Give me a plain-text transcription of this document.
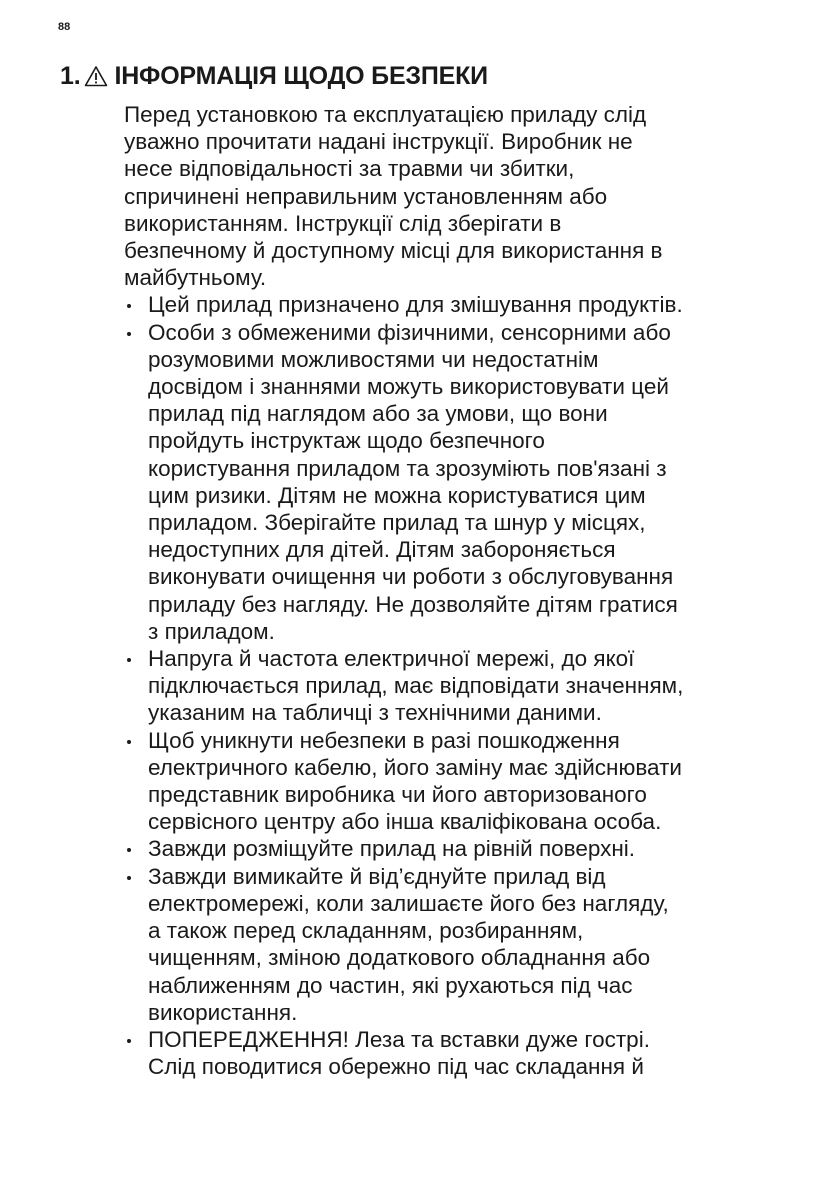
88
1. ІНФОРМАЦІЯ ЩОДО БЕЗПЕКИ

Перед установкою та експлуатацією приладу слід
уважно прочитати надані інструкції. Виробник не
несе відповідальності за травми чи збитки,
спричинені неправильним установленням або
використанням. Інструкції слід зберігати в
безпечному й доступному місці для використання в
майбутньому.

Цей прилад призначено для змішування продуктів.
Особи з обмеженими фізичними, сенсорними або
розумовими можливостями чи недостатнім
досвідом і знаннями можуть використовувати цей
прилад під наглядом або за умови, що вони
пройдуть інструктаж щодо безпечного
користування приладом та зрозуміють пов'язані з
цим ризики. Дітям не можна користуватися цим
приладом. Зберігайте прилад та шнур у місцях,
недоступних для дітей. Дітям забороняється
виконувати очищення чи роботи з обслуговування
приладу без нагляду. Не дозволяйте дітям гратися
з приладом.
Напруга й частота електричної мережі, до якої
підключається прилад, має відповідати значенням,
указаним на табличці з технічними даними.
Щоб уникнути небезпеки в разі пошкодження
електричного кабелю, його заміну має здійснювати
представник виробника чи його авторизованого
сервісного центру або інша кваліфікована особа.
Завжди розміщуйте прилад на рівній поверхні.
Завжди вимикайте й від’єднуйте прилад від
електромережі, коли залишаєте його без нагляду,
а також перед складанням, розбиранням,
чищенням, зміною додаткового обладнання або
наближенням до частин, які рухаються під час
використання.
ПОПЕРЕДЖЕННЯ! Леза та вставки дуже гострі.
Слід поводитися обережно під час складання й
